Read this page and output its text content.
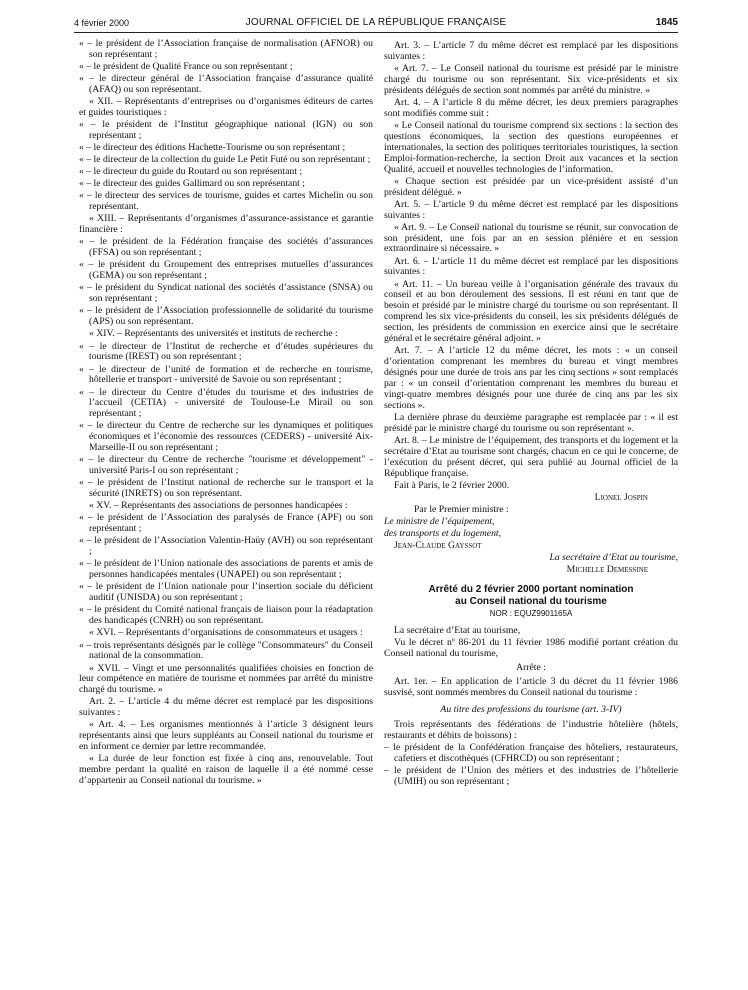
4 février 2000	JOURNAL OFFICIEL DE LA RÉPUBLIQUE FRANÇAISE	1845

« – le président de l’Association française de normalisation (AFNOR) ou son représentant ;

« – le président de Qualité France ou son représentant ;

« – le directeur général de l’Association française d’assurance qualité (AFAQ) ou son représentant.

« XII. – Représentants d’entreprises ou d’organismes éditeurs de cartes et guides touristiques :

« – le président de l’Institut géographique national (IGN) ou son représentant ;

« – le directeur des éditions Hachette-Tourisme ou son représentant ;

« – le directeur de la collection du guide Le Petit Futé ou son représentant ;

« – le directeur du guide du Routard ou son représentant ;

« – le directeur des guides Gallimard ou son représentant ;

« – le directeur des services de tourisme, guides et cartes Michelin ou son représentant.

« XIII. – Représentants d’organismes d’assurance-assistance et garantie financière :

« – le président de la Fédération française des sociétés d’assurances (FFSA) ou son représentant ;

« – le président du Groupement des entreprises mutuelles d’assurances (GEMA) ou son représentant ;

« – le président du Syndicat national des sociétés d’assistance (SNSA) ou son représentant ;

« – le président de l’Association professionnelle de solidarité du tourisme (APS) ou son représentant.

« XIV. – Représentants des universités et instituts de recherche :

« – le directeur de l’Institut de recherche et d’études supérieures du tourisme (IREST) ou son représentant ;

« – le directeur de l’unité de formation et de recherche en tourisme, hôtellerie et transport - université de Savoie ou son représentant ;

« – le directeur du Centre d’études du tourisme et des industries de l’accueil (CETIA) - université de Toulouse-Le Mirail ou son représentant ;

« – le directeur du Centre de recherche sur les dynamiques et politiques économiques et l’économie des ressources (CEDERS) - université Aix-Marseille-II ou son représentant ;

« – le directeur du Centre de recherche "tourisme et développement" - université Paris-I ou son représentant ;

« – le président de l’Institut national de recherche sur le transport et la sécurité (INRETS) ou son représentant.

« XV. – Représentants des associations de personnes handicapées :

« – le président de l’Association des paralysés de France (APF) ou son représentant ;

« – le président de l’Association Valentin-Haüy (AVH) ou son représentant ;

« – le président de l’Union nationale des associations de parents et amis de personnes handicapées mentales (UNAPEI) ou son représentant ;

« – le président de l’Union nationale pour l’insertion sociale du déficient auditif (UNISDA) ou son représentant ;

« – le président du Comité national français de liaison pour la réadaptation des handicapés (CNRH) ou son représentant.

« XVI. – Représentants d’organisations de consommateurs et usagers :

« – trois représentants désignés par le collège "Consommateurs" du Conseil national de la consommation.

« XVII. – Vingt et une personnalités qualifiées choisies en fonction de leur compétence en matière de tourisme et nommées par arrêté du ministre chargé du tourisme. »

Art. 2. – L’article 4 du même décret est remplacé par les dispositions suivantes :

« Art. 4. – Les organismes mentionnés à l’article 3 désignent leurs représentants ainsi que leurs suppléants au Conseil national du tourisme et en informent ce dernier par lettre recommandée.

« La durée de leur fonction est fixée à cinq ans, renouvelable. Tout membre perdant la qualité en raison de laquelle il a été nommé cesse d’appartenir au Conseil national du tourisme. »

Art. 3. – L’article 7 du même décret est remplacé par les dispositions suivantes :

« Art. 7. – Le Conseil national du tourisme est présidé par le ministre chargé du tourisme ou son représentant. Six vice-présidents et six présidents délégués de section sont nommés par arrêté du ministre. »

Art. 4. – A l’article 8 du même décret, les deux premiers paragraphes sont modifiés comme suit :

« Le Conseil national du tourisme comprend six sections : la section des questions économiques, la section des questions européennes et internationales, la section des politiques territoriales touristiques, la section Emploi-formation-recherche, la section Droit aux vacances et la section Qualité, accueil et nouvelles technologies de l’information.

« Chaque section est présidée par un vice-président assisté d’un président délégué. »

Art. 5. – L’article 9 du même décret est remplacé par les dispositions suivantes :

« Art. 9. – Le Conseil national du tourisme se réunit, sur convocation de son président, une fois par an en session plénière et en session extraordinaire si nécessaire. »

Art. 6. – L’article 11 du même décret est remplacé par les dispositions suivantes :

« Art. 11. – Un bureau veille à l’organisation générale des travaux du conseil et au bon déroulement des sessions. Il est réuni en tant que de besoin et présidé par le ministre chargé du tourisme ou son représentant. Il comprend les six vice-présidents du conseil, les six présidents délégués de section, les présidents de commission en exercice ainsi que le secrétaire général et le secrétaire général adjoint. »

Art. 7. – A l’article 12 du même décret, les mots : « un conseil d’orientation comprenant les membres du bureau et vingt membres désignés pour une durée de trois ans par les cinq sections » sont remplacés par : « un conseil d’orientation comprenant les membres du bureau et vingt-quatre membres désignés pour une durée de cinq ans par les six sections ».

La dernière phrase du deuxième paragraphe est remplacée par : « il est présidé par le ministre chargé du tourisme ou son représentant ».

Art. 8. – Le ministre de l’équipement, des transports et du logement et la secrétaire d’Etat au tourisme sont chargés, chacun en ce qui le concerne, de l’exécution du présent décret, qui sera publié au Journal officiel de la République française.

Fait à Paris, le 2 février 2000.

Lionel Jospin

Par le Premier ministre :

Le ministre de l’équipement,

des transports et du logement,

Jean-Claude Gayssot

La secrétaire d’Etat au tourisme,

Michelle Demessine

Arrêté du 2 février 2000 portant nomination
au Conseil national du tourisme
NOR : EQUZ9901165A

La secrétaire d’Etat au tourisme,

Vu le décret nº 86-201 du 11 février 1986 modifié portant création du Conseil national du tourisme,

Arrête :

Art. 1er. – En application de l’article 3 du décret du 11 février 1986 susvisé, sont nommés membres du Conseil national du tourisme :

Au titre des professions du tourisme (art. 3-IV)

Trois représentants des fédérations de l’industrie hôtelière (hôtels, restaurants et débits de boissons) :

– le président de la Confédération française des hôteliers, restaurateurs, cafetiers et discothèques (CFHRCD) ou son représentant ;

– le président de l’Union des métiers et des industries de l’hôtellerie (UMIH) ou son représentant ;
